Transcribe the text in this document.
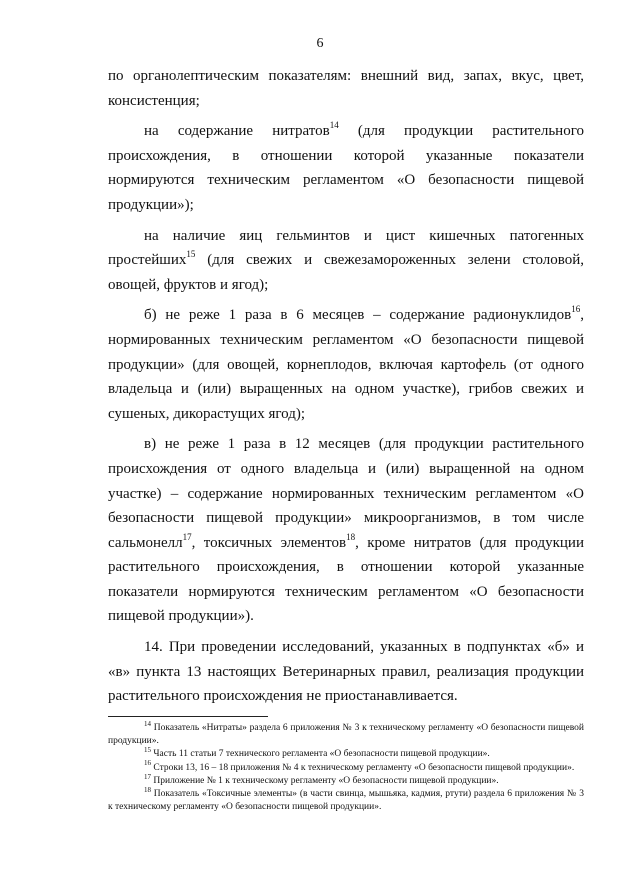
6

по органолептическим показателям: внешний вид, запах, вкус, цвет, консистенция;

на содержание нитратов$^{14}$ (для продукции растительного происхождения, в отношении которой указанные показатели нормируются техническим регламентом «О безопасности пищевой продукции»);

на наличие яиц гельминтов и цист кишечных патогенных простейших$^{15}$ (для свежих и свежезамороженных зелени столовой, овощей, фруктов и ягод);

б) не реже 1 раза в 6 месяцев – содержание радионуклидов$^{16}$, нормированных техническим регламентом «О безопасности пищевой продукции» (для овощей, корнеплодов, включая картофель (от одного владельца и (или) выращенных на одном участке), грибов свежих и сушеных, дикорастущих ягод);

в) не реже 1 раза в 12 месяцев (для продукции растительного происхождения от одного владельца и (или) выращенной на одном участке) – содержание нормированных техническим регламентом «О безопасности пищевой продукции» микроорганизмов, в том числе сальмонелл$^{17}$, токсичных элементов$^{18}$, кроме нитратов (для продукции растительного происхождения, в отношении которой указанные показатели нормируются техническим регламентом «О безопасности пищевой продукции»).

14. При проведении исследований, указанных в подпунктах «б» и «в» пункта 13 настоящих Ветеринарных правил, реализация продукции растительного происхождения не приостанавливается.

$^{14}$ Показатель «Нитраты» раздела 6 приложения № 3 к техническому регламенту «О безопасности пищевой продукции».

$^{15}$ Часть 11 статьи 7 технического регламента «О безопасности пищевой продукции».

$^{16}$ Строки 13, 16 – 18 приложения № 4 к техническому регламенту «О безопасности пищевой продукции».

$^{17}$ Приложение № 1 к техническому регламенту «О безопасности пищевой продукции».

$^{18}$ Показатель «Токсичные элементы» (в части свинца, мышьяка, кадмия, ртути) раздела 6 приложения № 3 к техническому регламенту «О безопасности пищевой продукции».
